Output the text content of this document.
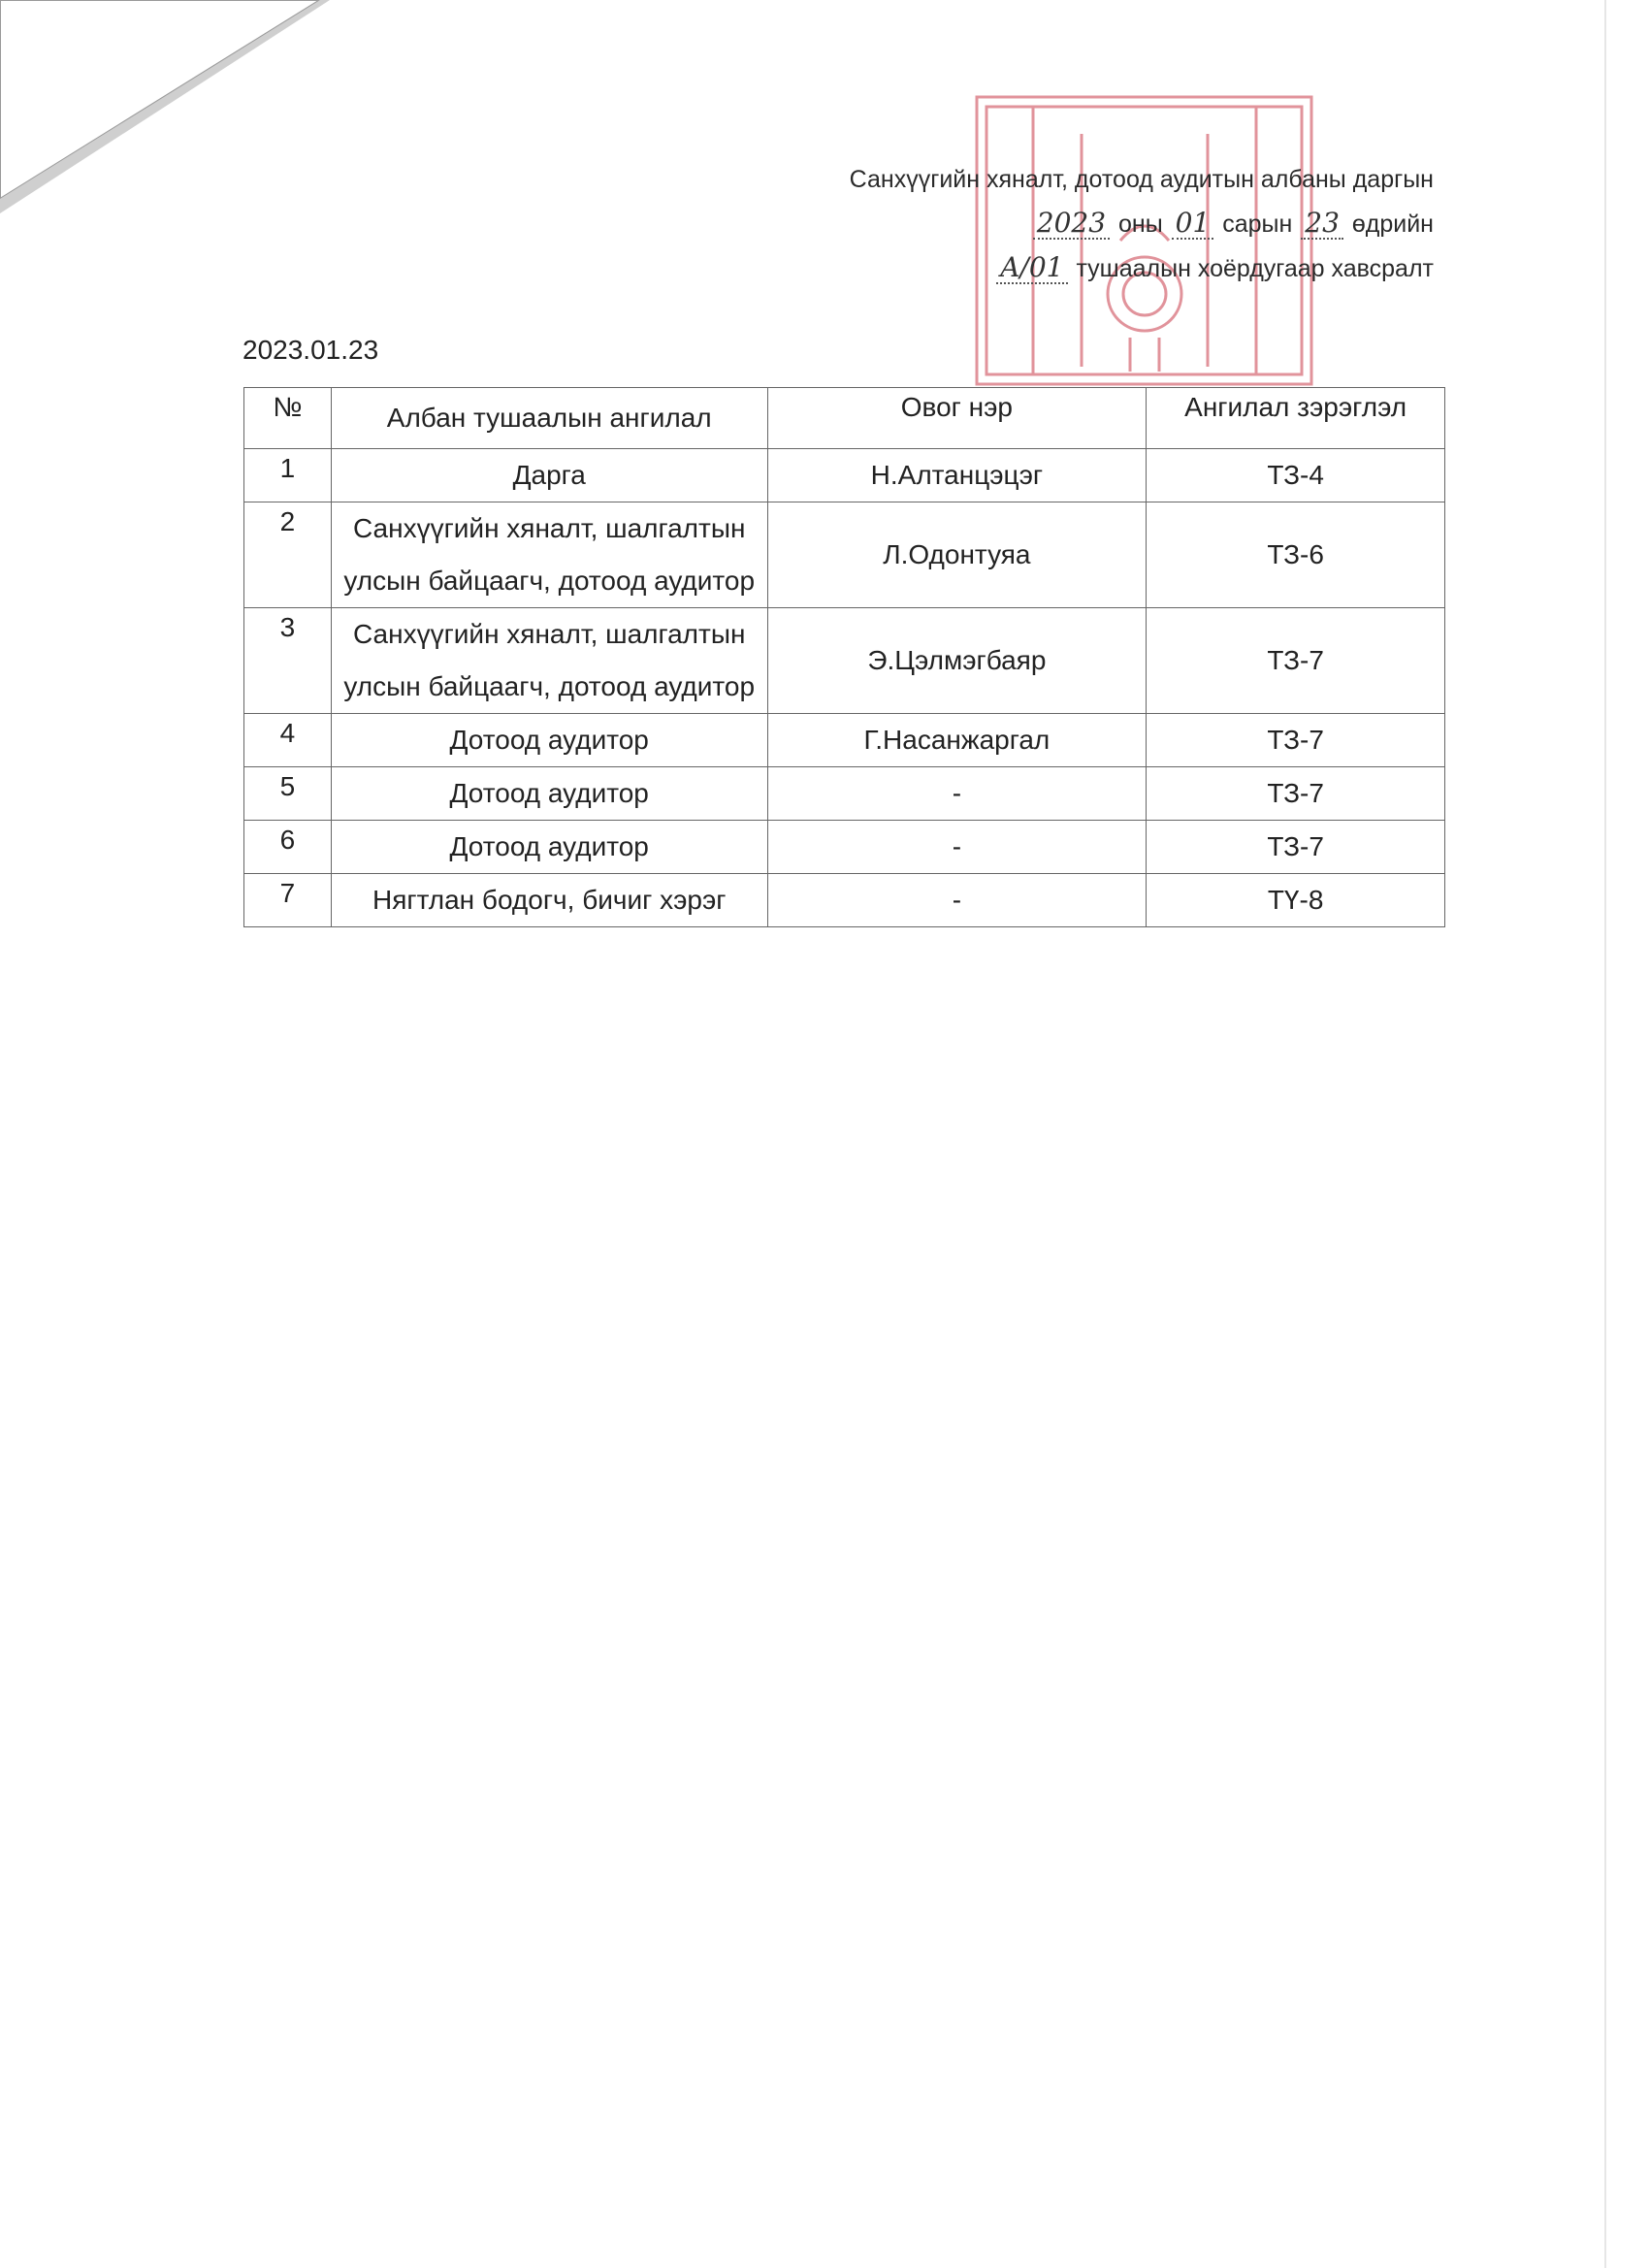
Санхүүгийн хяналт, дотоод аудитын албаны даргын
2023 оны 01 сарын 23 өдрийн
A/01 тушаалын хоёрдугаар хавсралт
2023.01.23
№	Албан тушаалын ангилал	Овог нэр	Ангилал зэрэглэл
1	Дарга	Н.Алтанцэцэг	ТЗ-4
2	Санхүүгийн хяналт, шалгалтын улсын байцаагч, дотоод аудитор	Л.Одонтуяа	ТЗ-6
3	Санхүүгийн хяналт, шалгалтын улсын байцаагч, дотоод аудитор	Э.Цэлмэгбаяр	ТЗ-7
4	Дотоод аудитор	Г.Насанжаргал	ТЗ-7
5	Дотоод аудитор	-	ТЗ-7
6	Дотоод аудитор	-	ТЗ-7
7	Нягтлан бодогч, бичиг хэрэг	-	ТҮ-8
